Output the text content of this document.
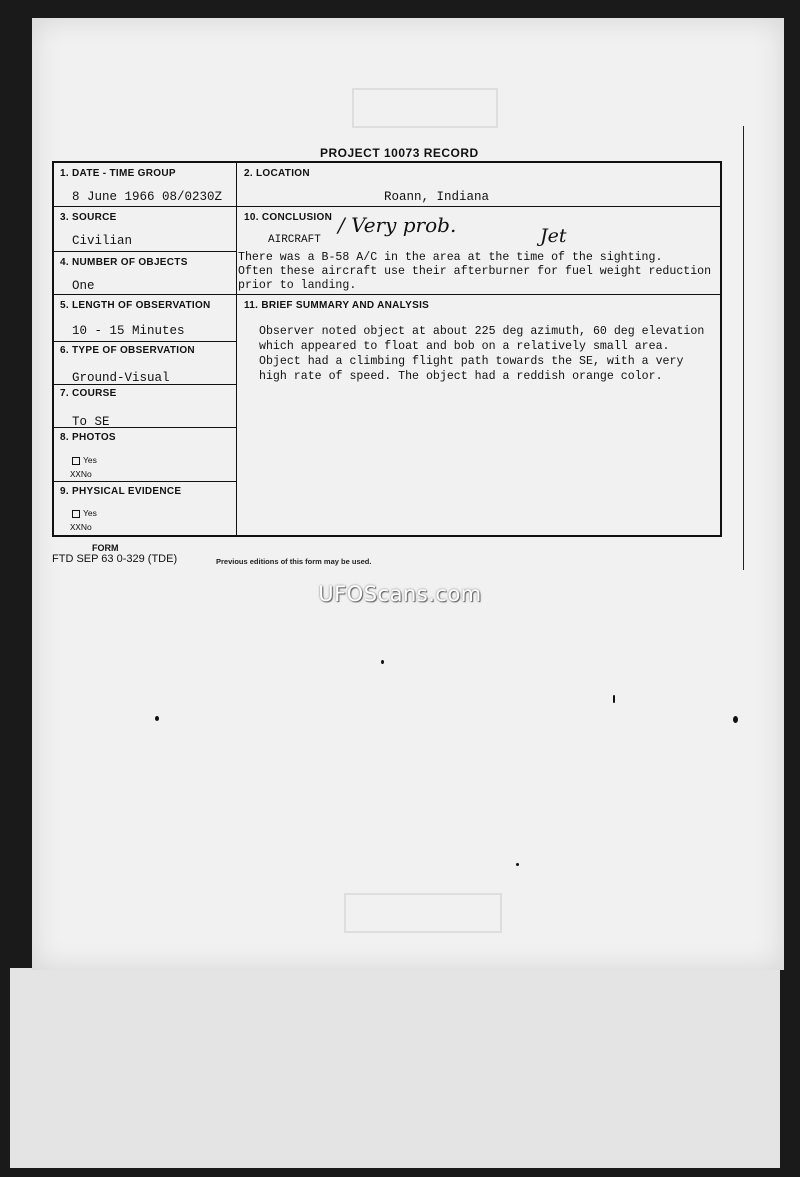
PROJECT 10073 RECORD
1. DATE - TIME GROUP
8 June 1966 08/0230Z
2. LOCATION
Roann, Indiana
3. SOURCE
Civilian
4. NUMBER OF OBJECTS
One
5. LENGTH OF OBSERVATION
10 - 15 Minutes
6. TYPE OF OBSERVATION
Ground-Visual
7. COURSE
To SE
8. PHOTOS
Yes
XXNo
9. PHYSICAL EVIDENCE
Yes
XXNo
10. CONCLUSION
AIRCRAFT
/ Very prob.	Jet
There was a B-58 A/C in the area at the time of the sighting.
Often these aircraft use their afterburner for fuel weight reduction
prior to landing.
11. BRIEF SUMMARY AND ANALYSIS
Observer noted object at about 225 deg azimuth, 60 deg elevation
which appeared to float and bob on a relatively small area.
Object had a climbing flight path towards the SE, with a very
high rate of speed. The object had a reddish orange color.
FORM
FTD SEP 63 0-329 (TDE)	Previous editions of this form may be used.
UFOScans.com
